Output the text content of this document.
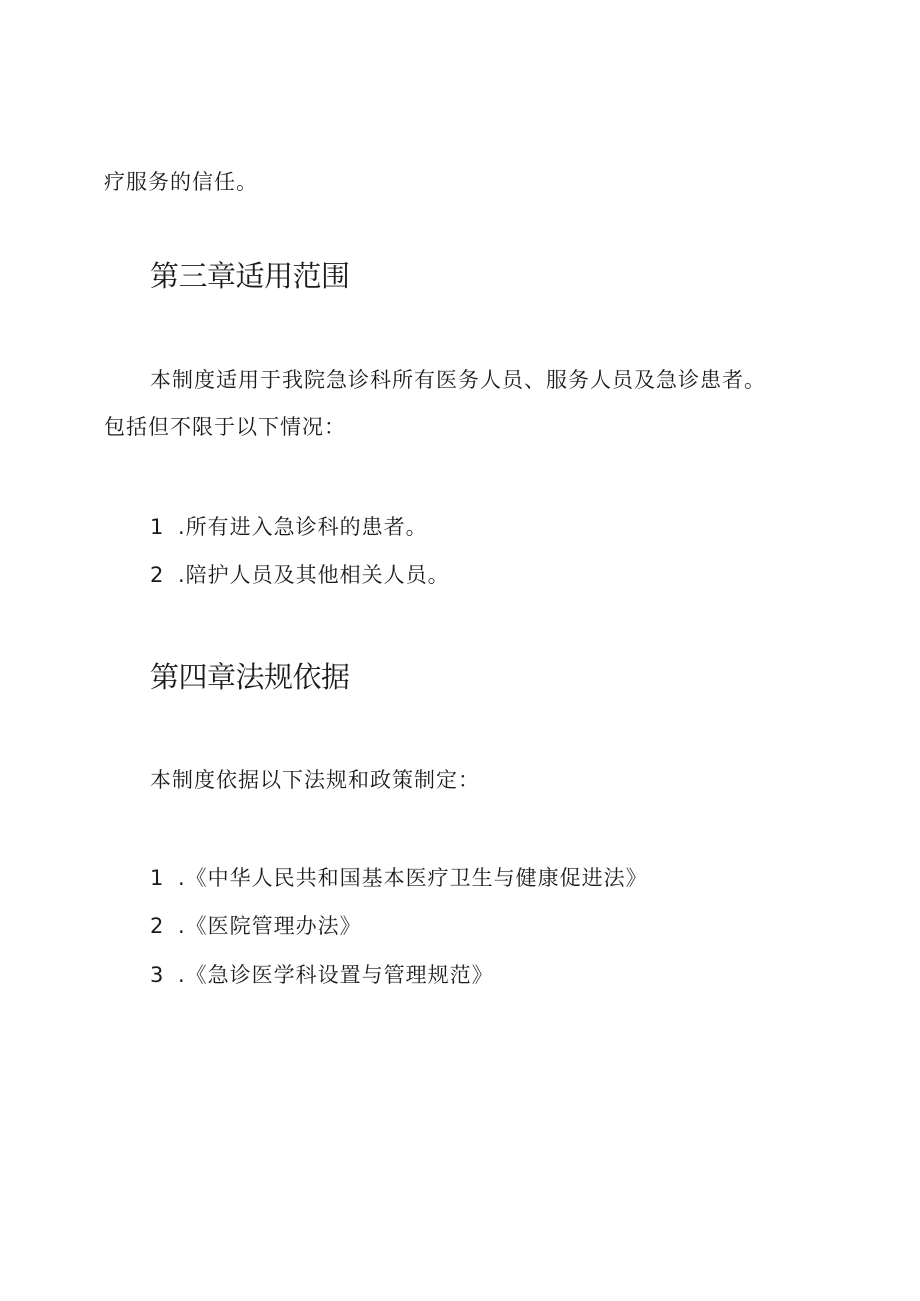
疗服务的信任。
第三章适用范围
本制度适用于我院急诊科所有医务人员、服务人员及急诊患者。
包括但不限于以下情况：
1 .所有进入急诊科的患者。
2 .陪护人员及其他相关人员。
第四章法规依据
本制度依据以下法规和政策制定：
1 .《中华人民共和国基本医疗卫生与健康促进法》
2 .《医院管理办法》
3 .《急诊医学科设置与管理规范》
